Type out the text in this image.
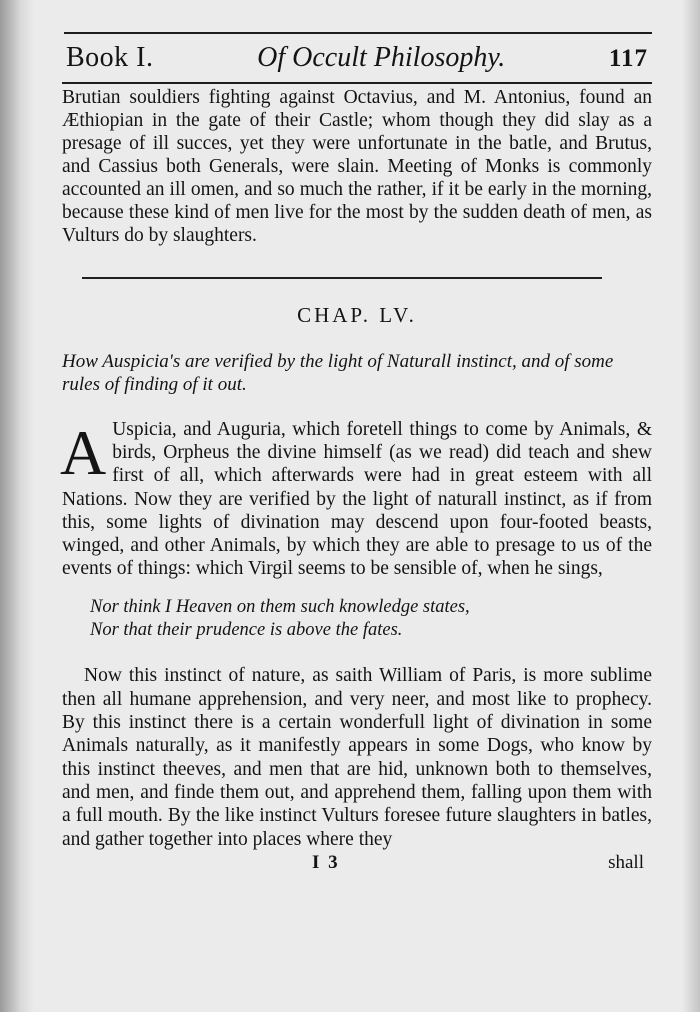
Book I.	Of Occult Philosophy.	117

Brutian souldiers fighting against Octavius, and M. Antonius, found an Æthiopian in the gate of their Castle; whom though they did slay as a presage of ill succes, yet they were unfortunate in the batle, and Brutus, and Cassius both Generals, were slain. Meeting of Monks is commonly accounted an ill omen, and so much the rather, if it be early in the morning, because these kind of men live for the most by the sudden death of men, as Vulturs do by slaughters.

CHAP. LV.
How Auspicia's are verified by the light of Naturall instinct, and of some rules of finding of it out.
A Uspicia, and Auguria, which foretell things to come by Animals, & birds, Orpheus the divine himself (as we read) did teach and shew first of all, which afterwards were had in great esteem with all Nations. Now they are verified by the light of naturall instinct, as if from this, some lights of divination may descend upon four-footed beasts, winged, and other Animals, by which they are able to presage to us of the events of things: which Virgil seems to be sensible of, when he sings,
Nor think I Heaven on them such knowledge states,
Nor that their prudence is above the fates.
Now this instinct of nature, as saith William of Paris, is more sublime then all humane apprehension, and very neer, and most like to prophecy. By this instinct there is a certain wonderfull light of divination in some Animals naturally, as it manifestly appears in some Dogs, who know by this instinct theeves, and men that are hid, unknown both to themselves, and men, and finde them out, and apprehend them, falling upon them with a full mouth. By the like instinct Vulturs foresee future slaughters in batles, and gather together into places where they
I 3	shall
